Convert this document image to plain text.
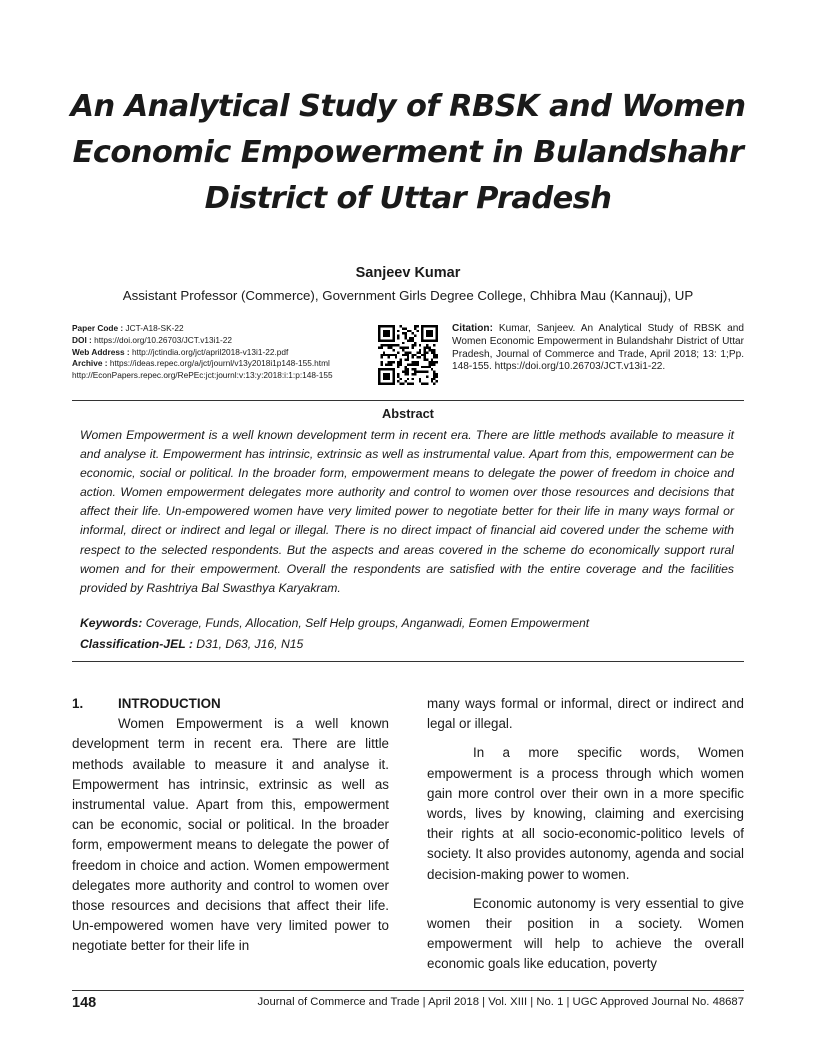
An Analytical Study of RBSK and Women Economic Empowerment in Bulandshahr District of Uttar Pradesh
Sanjeev Kumar
Assistant Professor (Commerce), Government Girls Degree College, Chhibra Mau (Kannauj), UP
Paper Code : JCT-A18-SK-22
DOI : https://doi.org/10.26703/JCT.v13i1-22
Web Address : http://jctindia.org/jct/april2018-v13i1-22.pdf
Archive : https://ideas.repec.org/a/jct/journl/v13y2018i1p148-155.html
http://EconPapers.repec.org/RePEc:jct:journl:v:13:y:2018:i:1:p:148-155
Citation: Kumar, Sanjeev. An Analytical Study of RBSK and Women Economic Empowerment in Bulandshahr District of Uttar Pradesh, Journal of Commerce and Trade, April 2018; 13: 1;Pp. 148-155. https://doi.org/10.26703/JCT.v13i1-22.
Abstract
Women Empowerment is a well known development term in recent era. There are little methods available to measure it and analyse it. Empowerment has intrinsic, extrinsic as well as instrumental value. Apart from this, empowerment can be economic, social or political. In the broader form, empowerment means to delegate the power of freedom in choice and action. Women empowerment delegates more authority and control to women over those resources and decisions that affect their life. Un-empowered women have very limited power to negotiate better for their life in many ways formal or informal, direct or indirect and legal or illegal. There is no direct impact of financial aid covered under the scheme with respect to the selected respondents. But the aspects and areas covered in the scheme do economically support rural women and for their empowerment. Overall the respondents are satisfied with the entire coverage and the facilities provided by Rashtriya Bal Swasthya Karyakram.
Keywords: Coverage, Funds, Allocation, Self Help groups, Anganwadi, Eomen Empowerment
Classification-JEL : D31, D63, J16, N15
1.	INTRODUCTION

Women Empowerment is a well known development term in recent era. There are little methods available to measure it and analyse it. Empowerment has intrinsic, extrinsic as well as instrumental value. Apart from this, empowerment can be economic, social or political. In the broader form, empowerment means to delegate the power of freedom in choice and action. Women empowerment delegates more authority and control to women over those resources and decisions that affect their life. Un-empowered women have very limited power to negotiate better for their life in

many ways formal or informal, direct or indirect and legal or illegal.

In a more specific words, Women empowerment is a process through which women gain more control over their own in a more specific words, lives by knowing, claiming and exercising their rights at all socio-economic-politico levels of society. It also provides autonomy, agenda and social decision-making power to women.

Economic autonomy is very essential to give women their position in a society. Women empowerment will help to achieve the overall economic goals like education, poverty

148	Journal of Commerce and Trade | April 2018 | Vol. XIII | No. 1 | UGC Approved Journal No. 48687
